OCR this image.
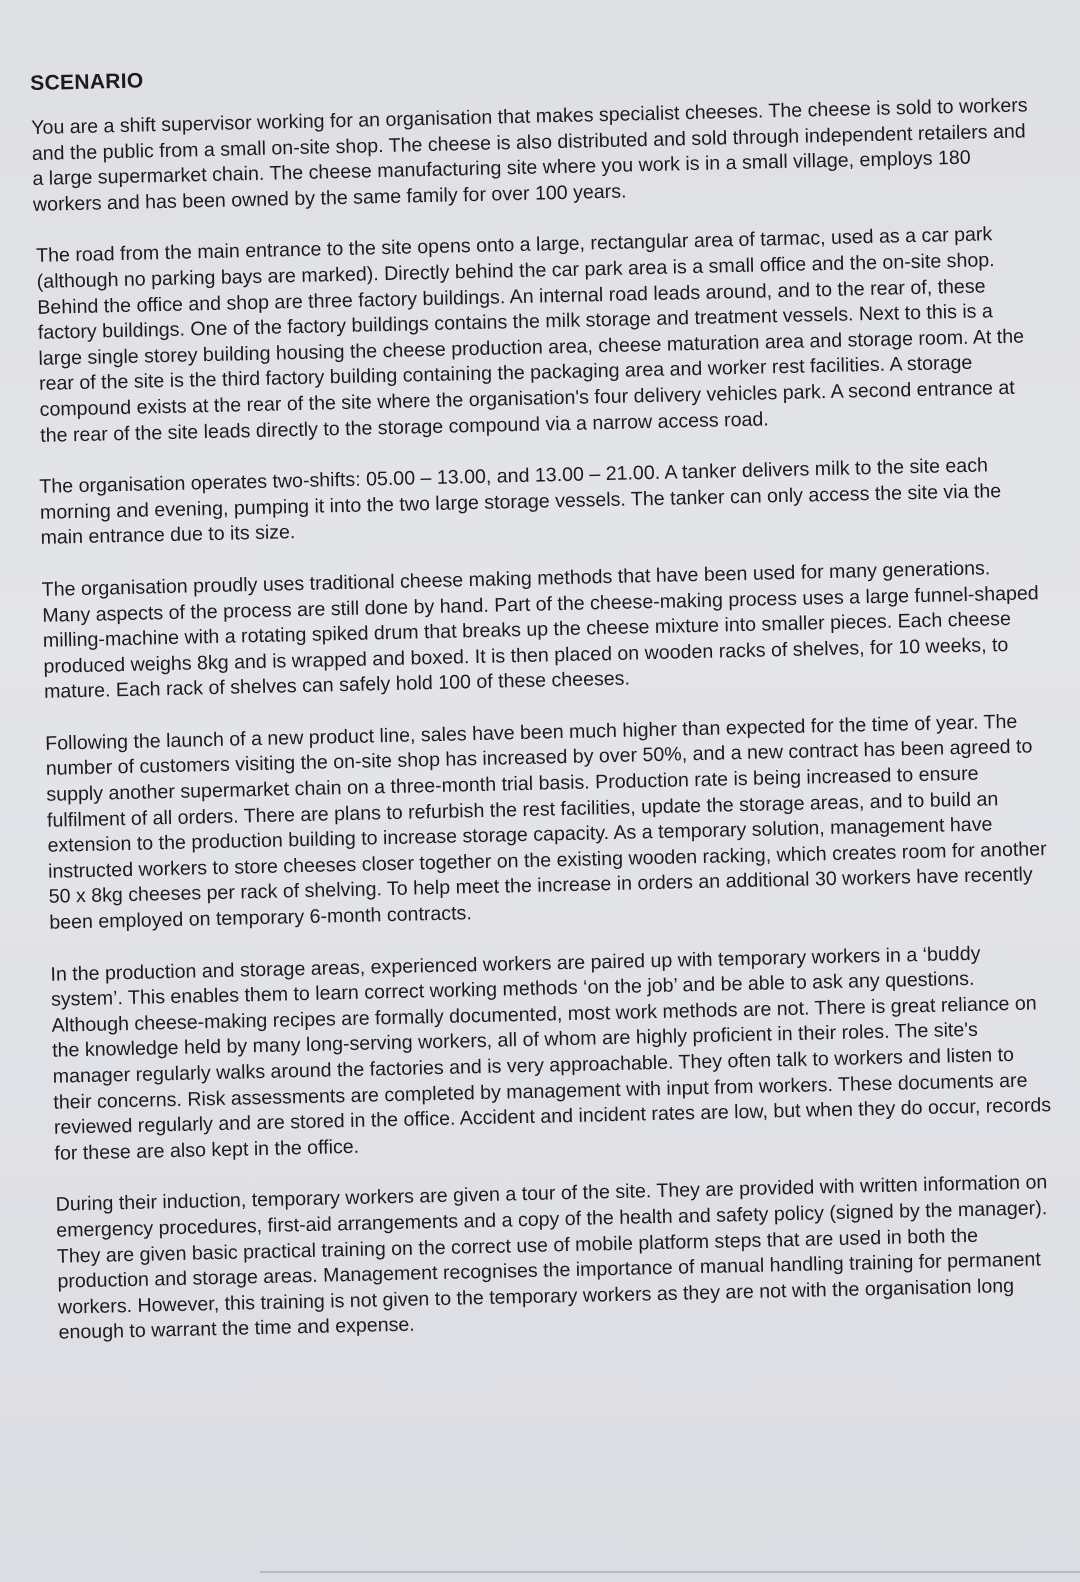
SCENARIO

You are a shift supervisor working for an organisation that makes specialist cheeses. The cheese is sold to workers and the public from a small on-site shop. The cheese is also distributed and sold through independent retailers and a large supermarket chain. The cheese manufacturing site where you work is in a small village, employs 180 workers and has been owned by the same family for over 100 years.

The road from the main entrance to the site opens onto a large, rectangular area of tarmac, used as a car park (although no parking bays are marked). Directly behind the car park area is a small office and the on-site shop. Behind the office and shop are three factory buildings. An internal road leads around, and to the rear of, these factory buildings. One of the factory buildings contains the milk storage and treatment vessels. Next to this is a large single storey building housing the cheese production area, cheese maturation area and storage room. At the rear of the site is the third factory building containing the packaging area and worker rest facilities. A storage compound exists at the rear of the site where the organisation's four delivery vehicles park. A second entrance at the rear of the site leads directly to the storage compound via a narrow access road.

The organisation operates two-shifts: 05.00 – 13.00, and 13.00 – 21.00. A tanker delivers milk to the site each morning and evening, pumping it into the two large storage vessels. The tanker can only access the site via the main entrance due to its size.

The organisation proudly uses traditional cheese making methods that have been used for many generations. Many aspects of the process are still done by hand. Part of the cheese-making process uses a large funnel-shaped milling-machine with a rotating spiked drum that breaks up the cheese mixture into smaller pieces. Each cheese produced weighs 8kg and is wrapped and boxed. It is then placed on wooden racks of shelves, for 10 weeks, to mature. Each rack of shelves can safely hold 100 of these cheeses.

Following the launch of a new product line, sales have been much higher than expected for the time of year. The number of customers visiting the on-site shop has increased by over 50%, and a new contract has been agreed to supply another supermarket chain on a three-month trial basis. Production rate is being increased to ensure fulfilment of all orders. There are plans to refurbish the rest facilities, update the storage areas, and to build an extension to the production building to increase storage capacity. As a temporary solution, management have instructed workers to store cheeses closer together on the existing wooden racking, which creates room for another 50 x 8kg cheeses per rack of shelving. To help meet the increase in orders an additional 30 workers have recently been employed on temporary 6-month contracts.

In the production and storage areas, experienced workers are paired up with temporary workers in a ‘buddy system’. This enables them to learn correct working methods ‘on the job’ and be able to ask any questions. Although cheese-making recipes are formally documented, most work methods are not. There is great reliance on the knowledge held by many long-serving workers, all of whom are highly proficient in their roles. The site's manager regularly walks around the factories and is very approachable. They often talk to workers and listen to their concerns. Risk assessments are completed by management with input from workers. These documents are reviewed regularly and are stored in the office. Accident and incident rates are low, but when they do occur, records for these are also kept in the office.

During their induction, temporary workers are given a tour of the site. They are provided with written information on emergency procedures, first-aid arrangements and a copy of the health and safety policy (signed by the manager). They are given basic practical training on the correct use of mobile platform steps that are used in both the production and storage areas. Management recognises the importance of manual handling training for permanent workers. However, this training is not given to the temporary workers as they are not with the organisation long enough to warrant the time and expense.
